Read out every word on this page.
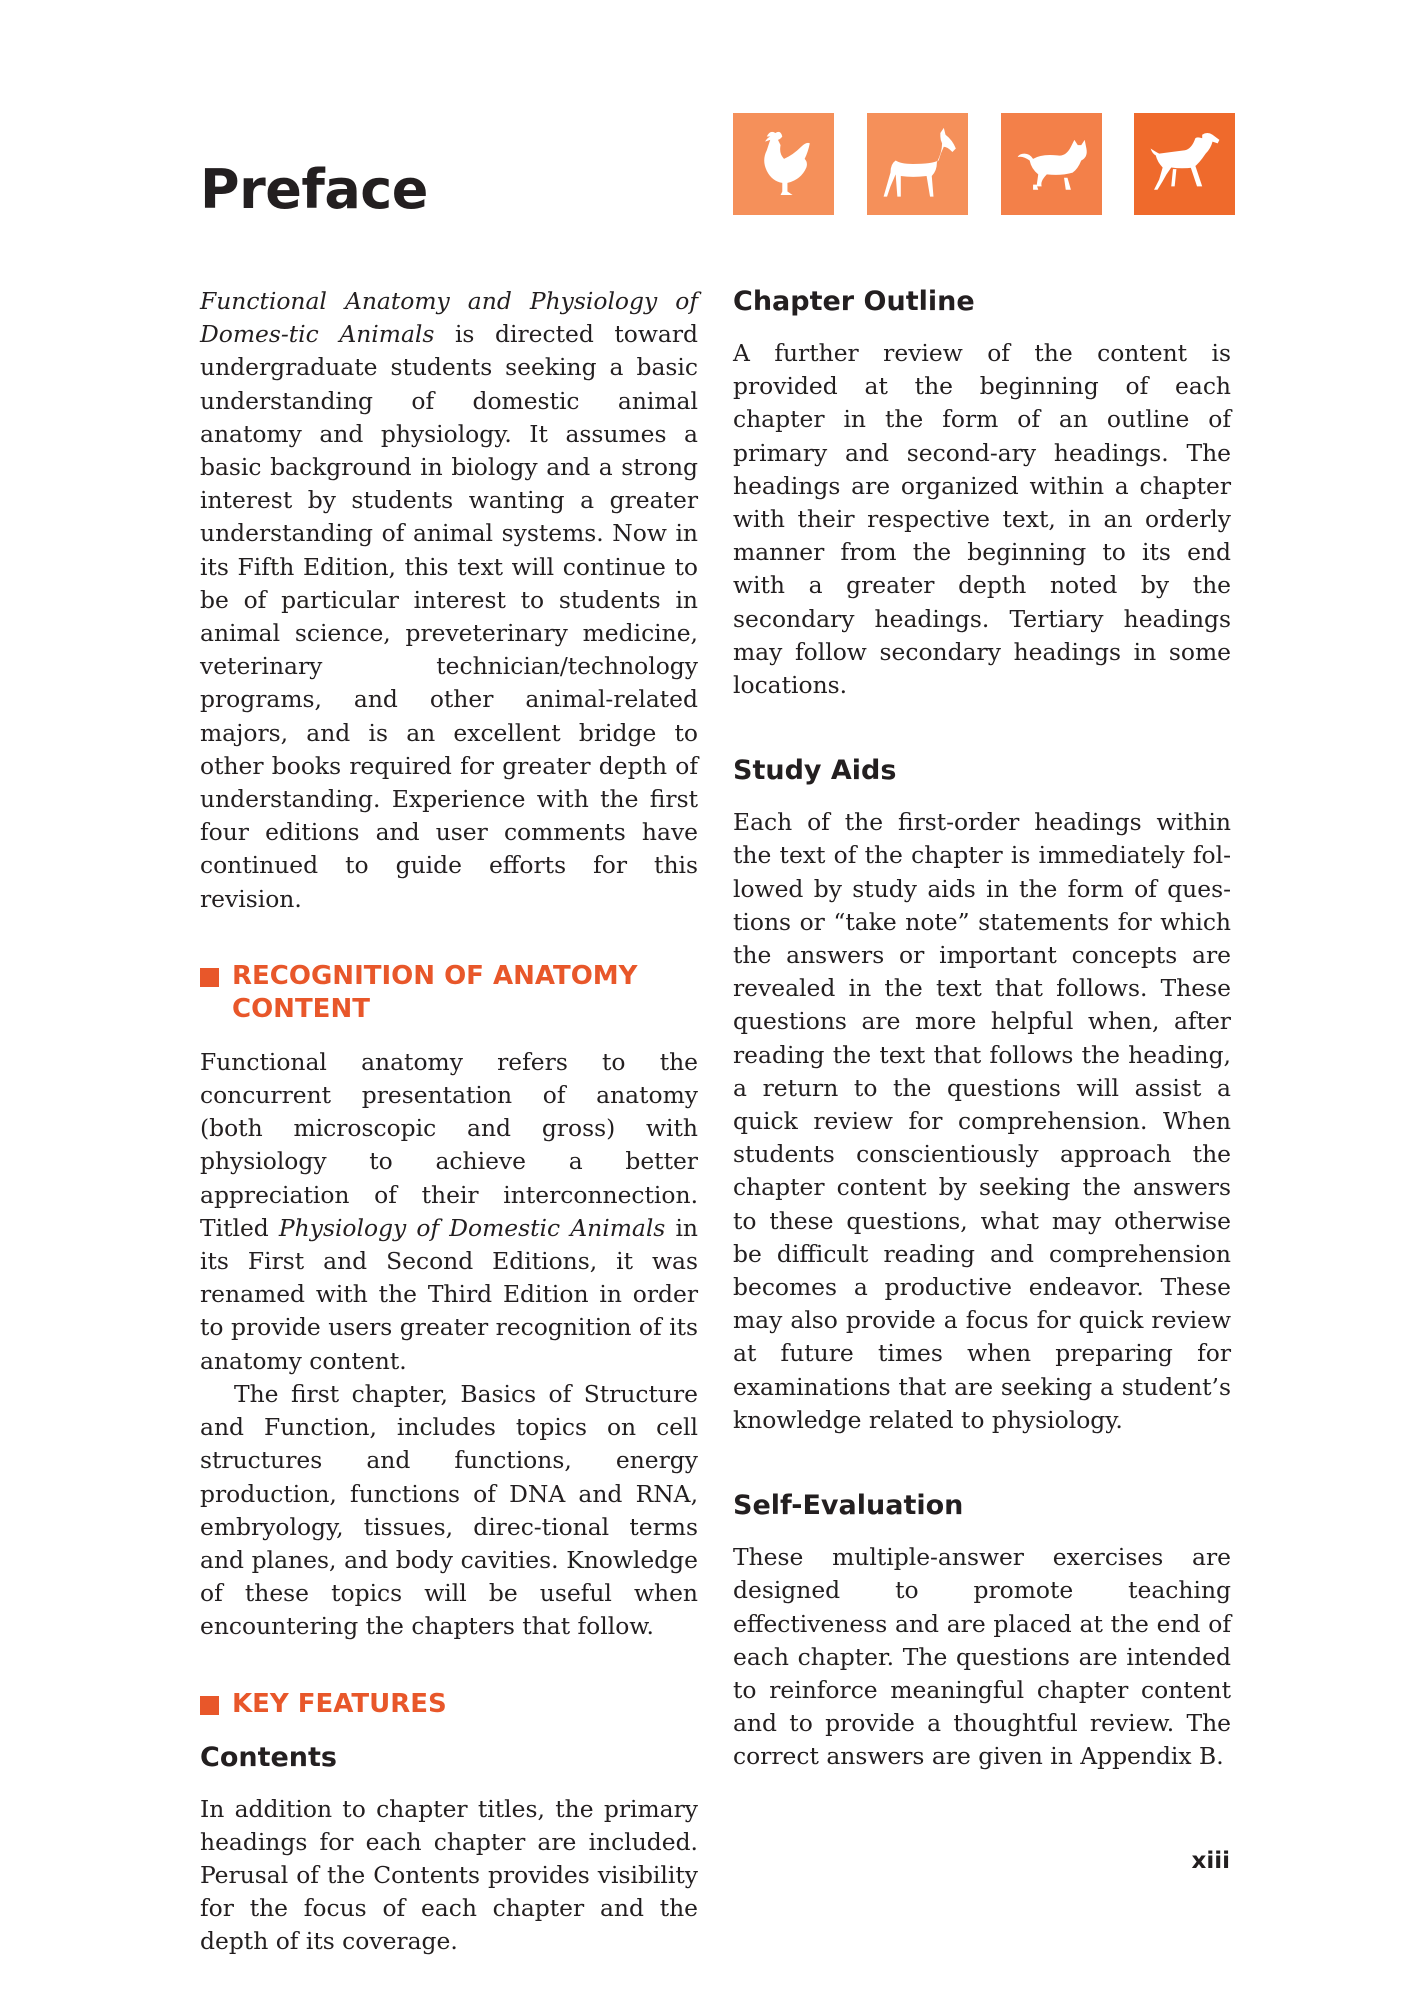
Preface

Functional Anatomy and Physiology of Domes-tic Animals is directed toward undergraduate students seeking a basic understanding of domestic animal anatomy and physiology. It assumes a basic background in biology and a strong interest by students wanting a greater understanding of animal systems. Now in its Fifth Edition, this text will continue to be of particular interest to students in animal science, preveterinary medicine, veterinary technician/technology programs, and other animal-related majors, and is an excellent bridge to other books required for greater depth of understanding. Experience with the first four editions and user comments have continued to guide efforts for this revision.

RECOGNITION OF ANATOMY CONTENT

Functional anatomy refers to the concurrent presentation of anatomy (both microscopic and gross) with physiology to achieve a better appreciation of their interconnection. Titled Physiology of Domestic Animals in its First and Second Editions, it was renamed with the Third Edition in order to provide users greater recognition of its anatomy content.

The first chapter, Basics of Structure and Function, includes topics on cell structures and functions, energy production, functions of DNA and RNA, embryology, tissues, direc-tional terms and planes, and body cavities. Knowledge of these topics will be useful when encountering the chapters that follow.

KEY FEATURES
Contents

In addition to chapter titles, the primary headings for each chapter are included. Perusal of the Contents provides visibility for the focus of each chapter and the depth of its coverage.

Chapter Outline

A further review of the content is provided at the beginning of each chapter in the form of an outline of primary and second-ary headings. The headings are organized within a chapter with their respective text, in an orderly manner from the beginning to its end with a greater depth noted by the secondary headings. Tertiary headings may follow secondary headings in some locations.

Study Aids

Each of the first-order headings within the text of the chapter is immediately fol-lowed by study aids in the form of ques-tions or “take note” statements for which the answers or important concepts are revealed in the text that follows. These questions are more helpful when, after reading the text that follows the heading, a return to the questions will assist a quick review for comprehension. When students conscientiously approach the chapter content by seeking the answers to these questions, what may otherwise be difficult reading and comprehension becomes a productive endeavor. These may also provide a focus for quick review at future times when preparing for examinations that are seeking a student’s knowledge related to physiology.

Self-Evaluation

These multiple-answer exercises are designed to promote teaching effectiveness and are placed at the end of each chapter. The questions are intended to reinforce meaningful chapter content and to provide a thoughtful review. The correct answers are given in Appendix B.

xiii
